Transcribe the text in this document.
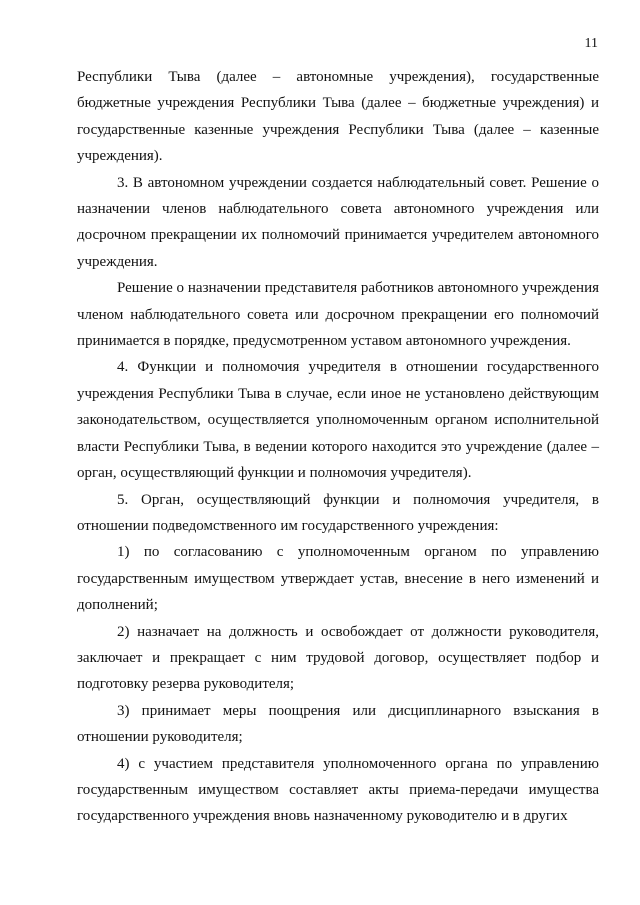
11

Республики Тыва (далее – автономные учреждения), государственные бюджетные учреждения Республики Тыва (далее – бюджетные учреждения) и государственные казенные учреждения Республики Тыва (далее – казенные учреждения).

3. В автономном учреждении создается наблюдательный совет. Решение о назначении членов наблюдательного совета автономного учреждения или досрочном прекращении их полномочий принимается учредителем автономного учреждения.

Решение о назначении представителя работников автономного учреждения членом наблюдательного совета или досрочном прекращении его полномочий принимается в порядке, предусмотренном уставом автономного учреждения.

4. Функции и полномочия учредителя в отношении государственного учреждения Республики Тыва в случае, если иное не установлено действующим законодательством, осуществляется уполномоченным органом исполнительной власти Республики Тыва, в ведении которого находится это учреждение (далее – орган, осуществляющий функции и полномочия учредителя).

5. Орган, осуществляющий функции и полномочия учредителя, в отношении подведомственного им государственного учреждения:

1) по согласованию с уполномоченным органом по управлению государственным имуществом утверждает устав, внесение в него изменений и дополнений;

2) назначает на должность и освобождает от должности руководителя, заключает и прекращает с ним трудовой договор, осуществляет подбор и подготовку резерва руководителя;

3) принимает меры поощрения или дисциплинарного взыскания в отношении руководителя;

4) с участием представителя уполномоченного органа по управлению государственным имуществом составляет акты приема-передачи имущества государственного учреждения вновь назначенному руководителю и в других
